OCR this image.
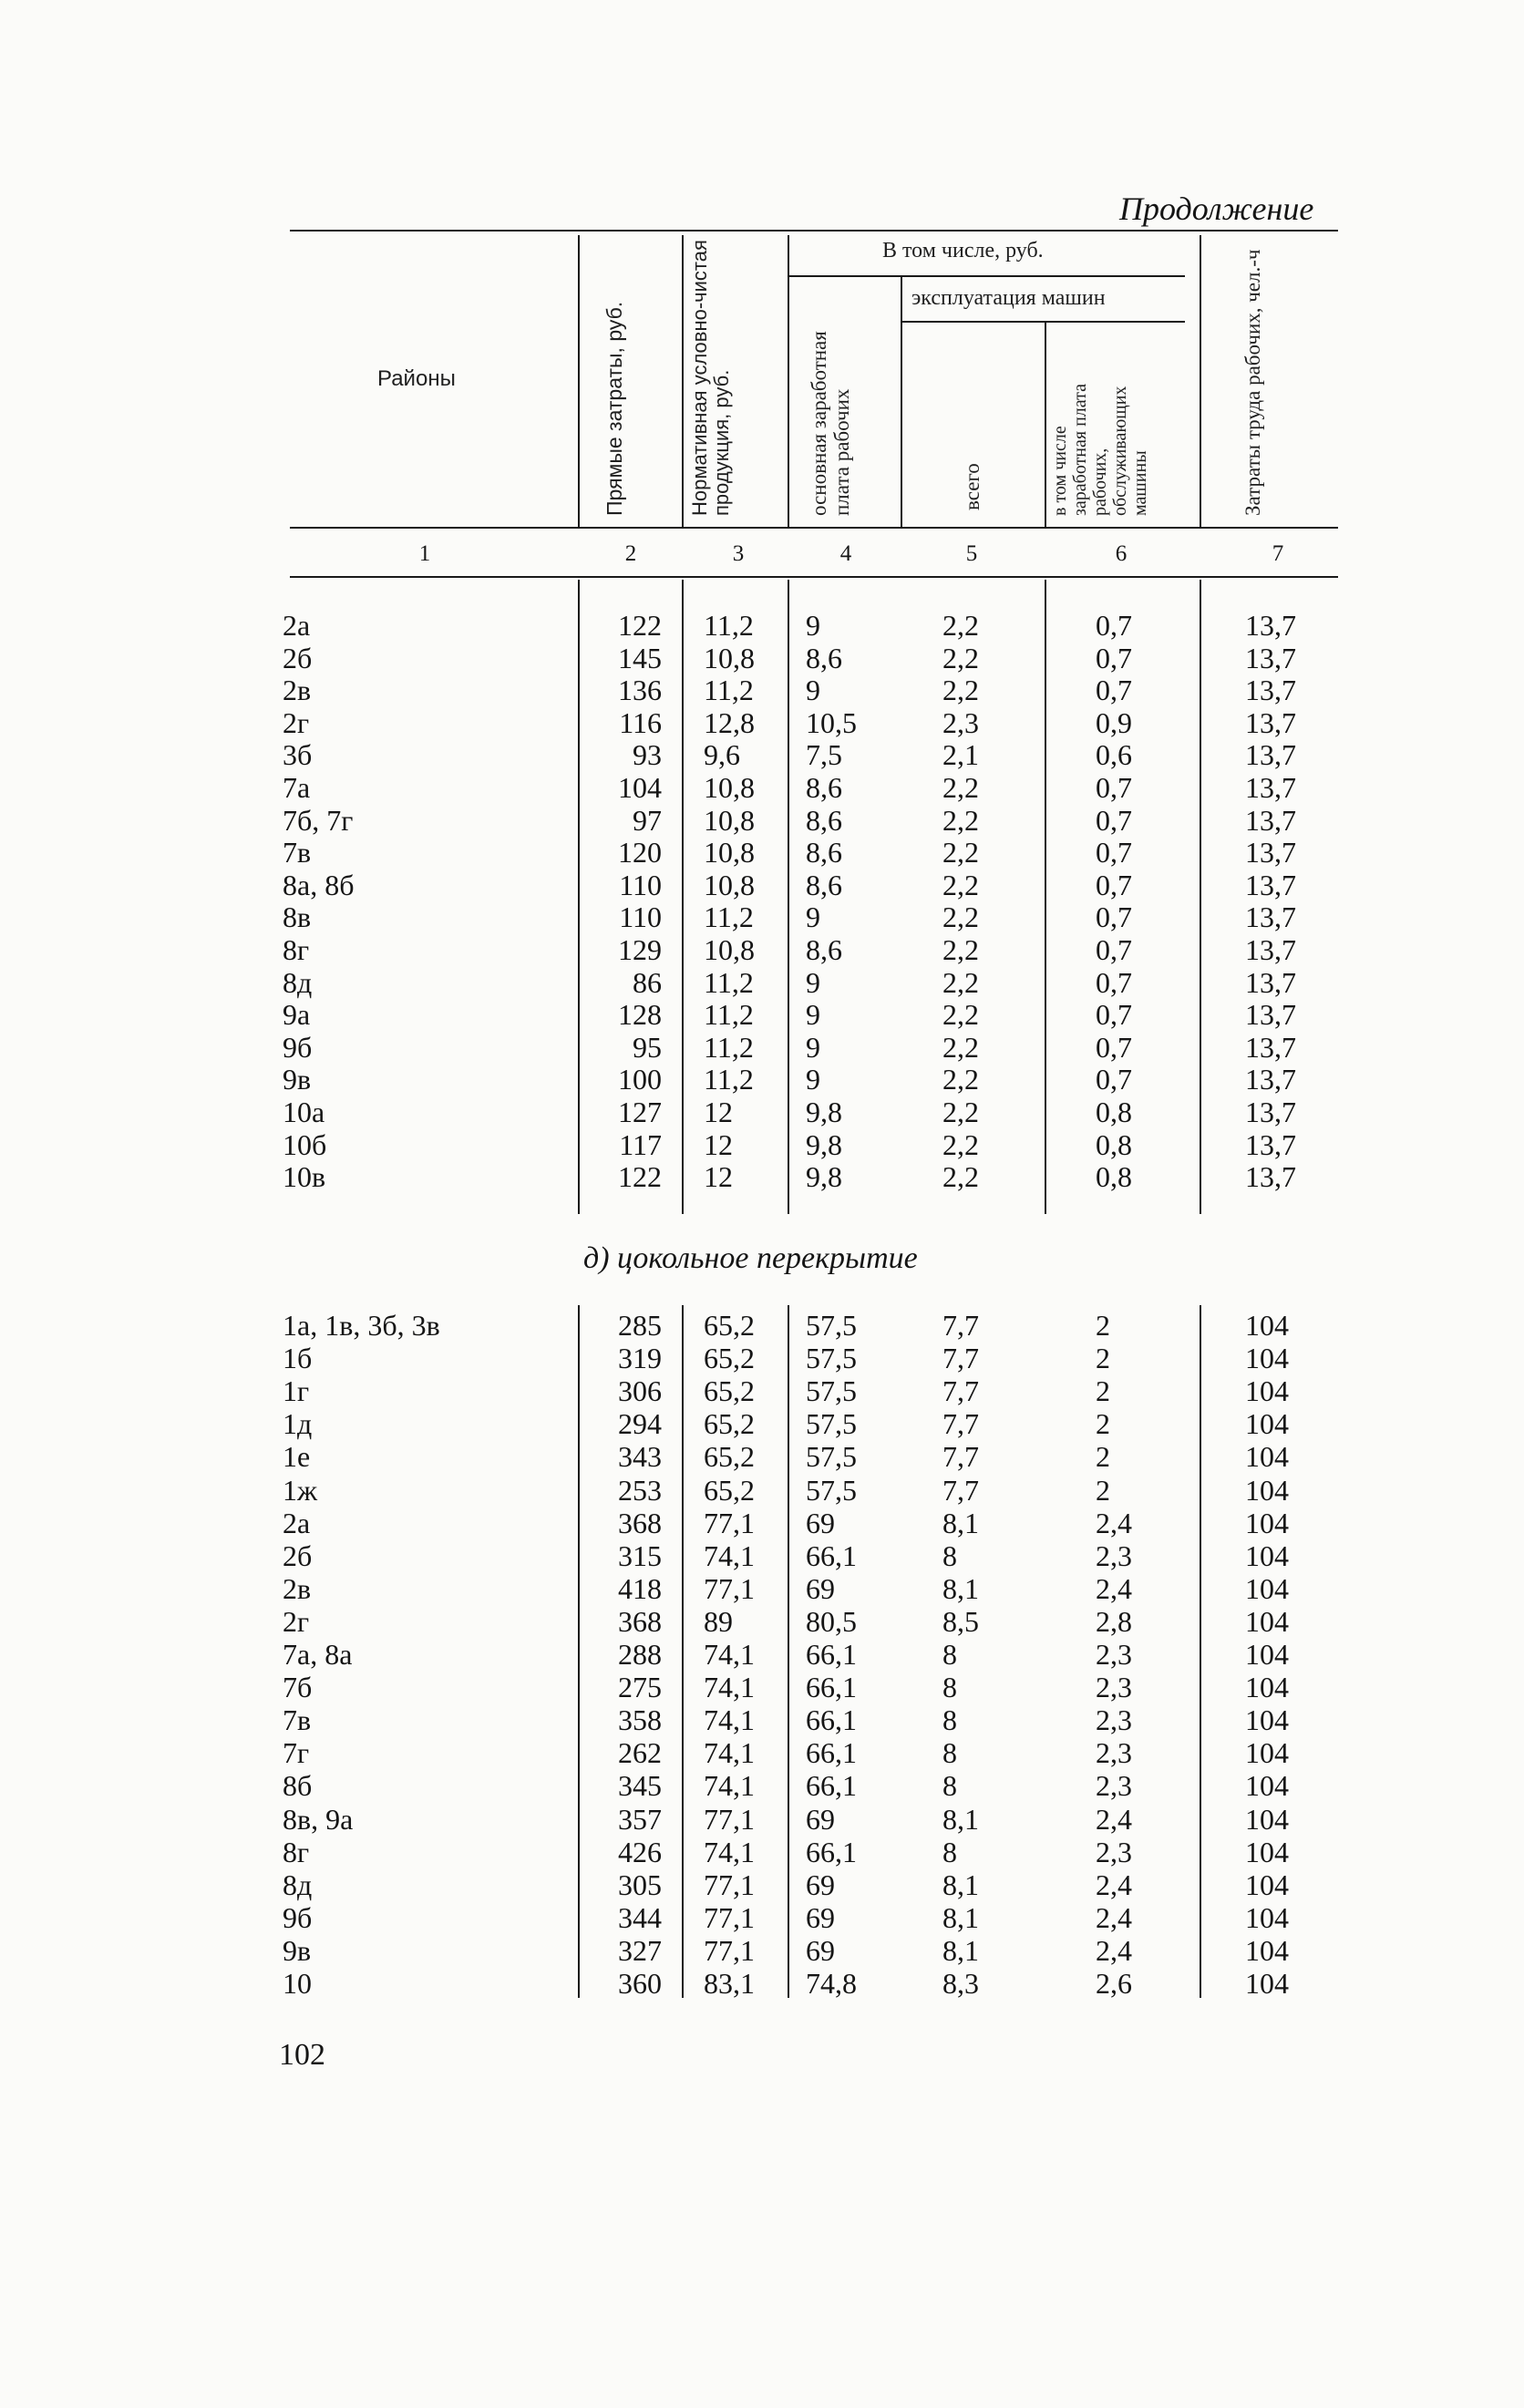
Продолжение
Районы
В том числе, руб.
эксплуатация машин
Прямые затраты, руб.	Нормативная условно-чистая продукция, руб.	основная заработная плата рабочих	всего	в том числе заработная плата рабочих, обслуживающих машины	Затраты труда рабочих, чел.-ч
1	2	3	4	5	6	7
2а	122 11,2 9	2,2	0,7	13,7
2б	145 10,8 8,6	2,2	0,7	13,7
2в	136 11,2 9	2,2	0,7	13,7
2г	116 12,8 10,5	2,3	0,9	13,7
3б	93 9,6 7,5	2,1	0,6	13,7
7а	104 10,8 8,6	2,2	0,7	13,7
7б, 7г	97 10,8 8,6	2,2	0,7	13,7
7в	120 10,8 8,6	2,2	0,7	13,7
8а, 8б	110 10,8 8,6	2,2	0,7	13,7
8в	110 11,2 9	2,2	0,7	13,7
8г	129 10,8 8,6	2,2	0,7	13,7
8д	86 11,2 9	2,2	0,7	13,7
9а	128 11,2 9	2,2	0,7	13,7
9б	95 11,2 9	2,2	0,7	13,7
9в	100 11,2 9	2,2	0,7	13,7
10а	127 12	9,8	2,2	0,8	13,7
10б	117 12	9,8	2,2	0,8	13,7
10в	122 12	9,8	2,2	0,8	13,7
д) цокольное перекрытие
1а, 1в, 3б, 3в	285 65,2 57,5	7,7	2	104
1б	319 65,2 57,5	7,7	2	104
1г	306 65,2 57,5	7,7	2	104
1д	294 65,2 57,5	7,7	2	104
1е	343 65,2 57,5	7,7	2	104
1ж	253 65,2 57,5	7,7	2	104
2а	368 77,1 69	8,1	2,4	104
2б	315 74,1 66,1	8	2,3	104
2в	418 77,1 69	8,1	2,4	104
2г	368 89	80,5	8,5	2,8	104
7а, 8а	288 74,1 66,1	8	2,3	104
7б	275 74,1 66,1	8	2,3	104
7в	358 74,1 66,1	8	2,3	104
7г	262 74,1 66,1	8	2,3	104
8б	345 74,1 66,1	8	2,3	104
8в, 9а	357 77,1 69	8,1	2,4	104
8г	426 74,1 66,1	8	2,3	104
8д	305 77,1 69	8,1	2,4	104
9б	344 77,1 69	8,1	2,4	104
9в	327 77,1 69	8,1	2,4	104
10	360 83,1 74,8	8,3	2,6	104
102
